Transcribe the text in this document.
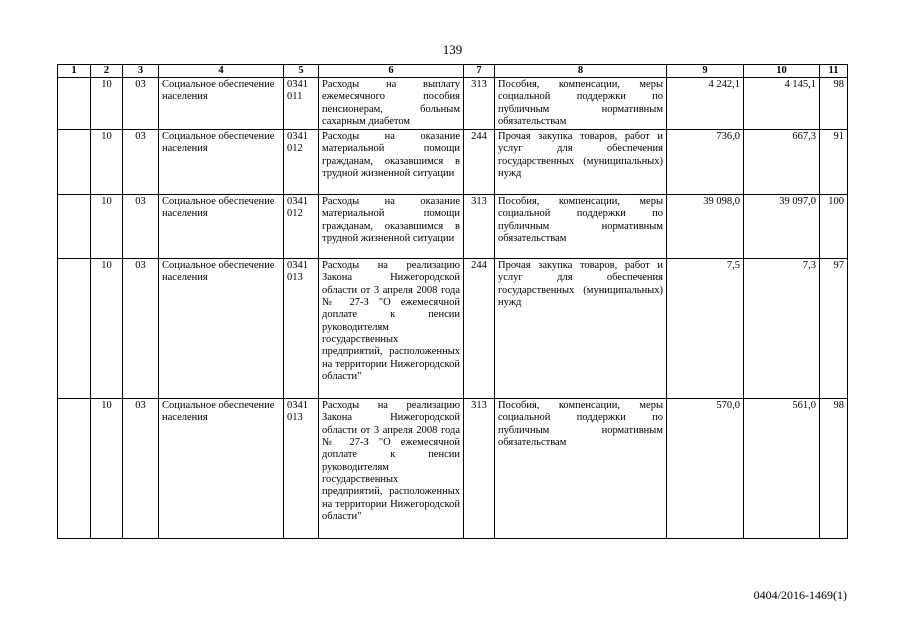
139
1	2	3	4	5	6	7	8	9	10	11
	10	03	Социальное обеспечение населения	0341 011	Расходы на выплату ежемесячного пособия пенсионерам, больным сахарным диабетом	313	Пособия, компенсации, меры социальной поддержки по публичным нормативным обязательствам	4 242,1	4 145,1	98
	10	03	Социальное обеспечение населения	0341 012	Расходы на оказание материальной помощи гражданам, оказавшимся в трудной жизненной ситуации	244	Прочая закупка товаров, работ и услуг для обеспечения государственных (муниципальных) нужд	736,0	667,3	91
	10	03	Социальное обеспечение населения	0341 012	Расходы на оказание материальной помощи гражданам, оказавшимся в трудной жизненной ситуации	313	Пособия, компенсации, меры социальной поддержки по публичным нормативным обязательствам	39 098,0	39 097,0	100
	10	03	Социальное обеспечение населения	0341 013	Расходы на реализацию Закона Нижегородской области от 3 апреля 2008 года № 27-З "О ежемесячной доплате к пенсии руководителям государственных предприятий, расположенных на территории Нижегородской области"	244	Прочая закупка товаров, работ и услуг для обеспечения государственных (муниципальных) нужд	7,5	7,3	97
	10	03	Социальное обеспечение населения	0341 013	Расходы на реализацию Закона Нижегородской области от 3 апреля 2008 года № 27-З "О ежемесячной доплате к пенсии руководителям государственных предприятий, расположенных на территории Нижегородской области"	313	Пособия, компенсации, меры социальной поддержки по публичным нормативным обязательствам	570,0	561,0	98
0404/2016-1469(1)
